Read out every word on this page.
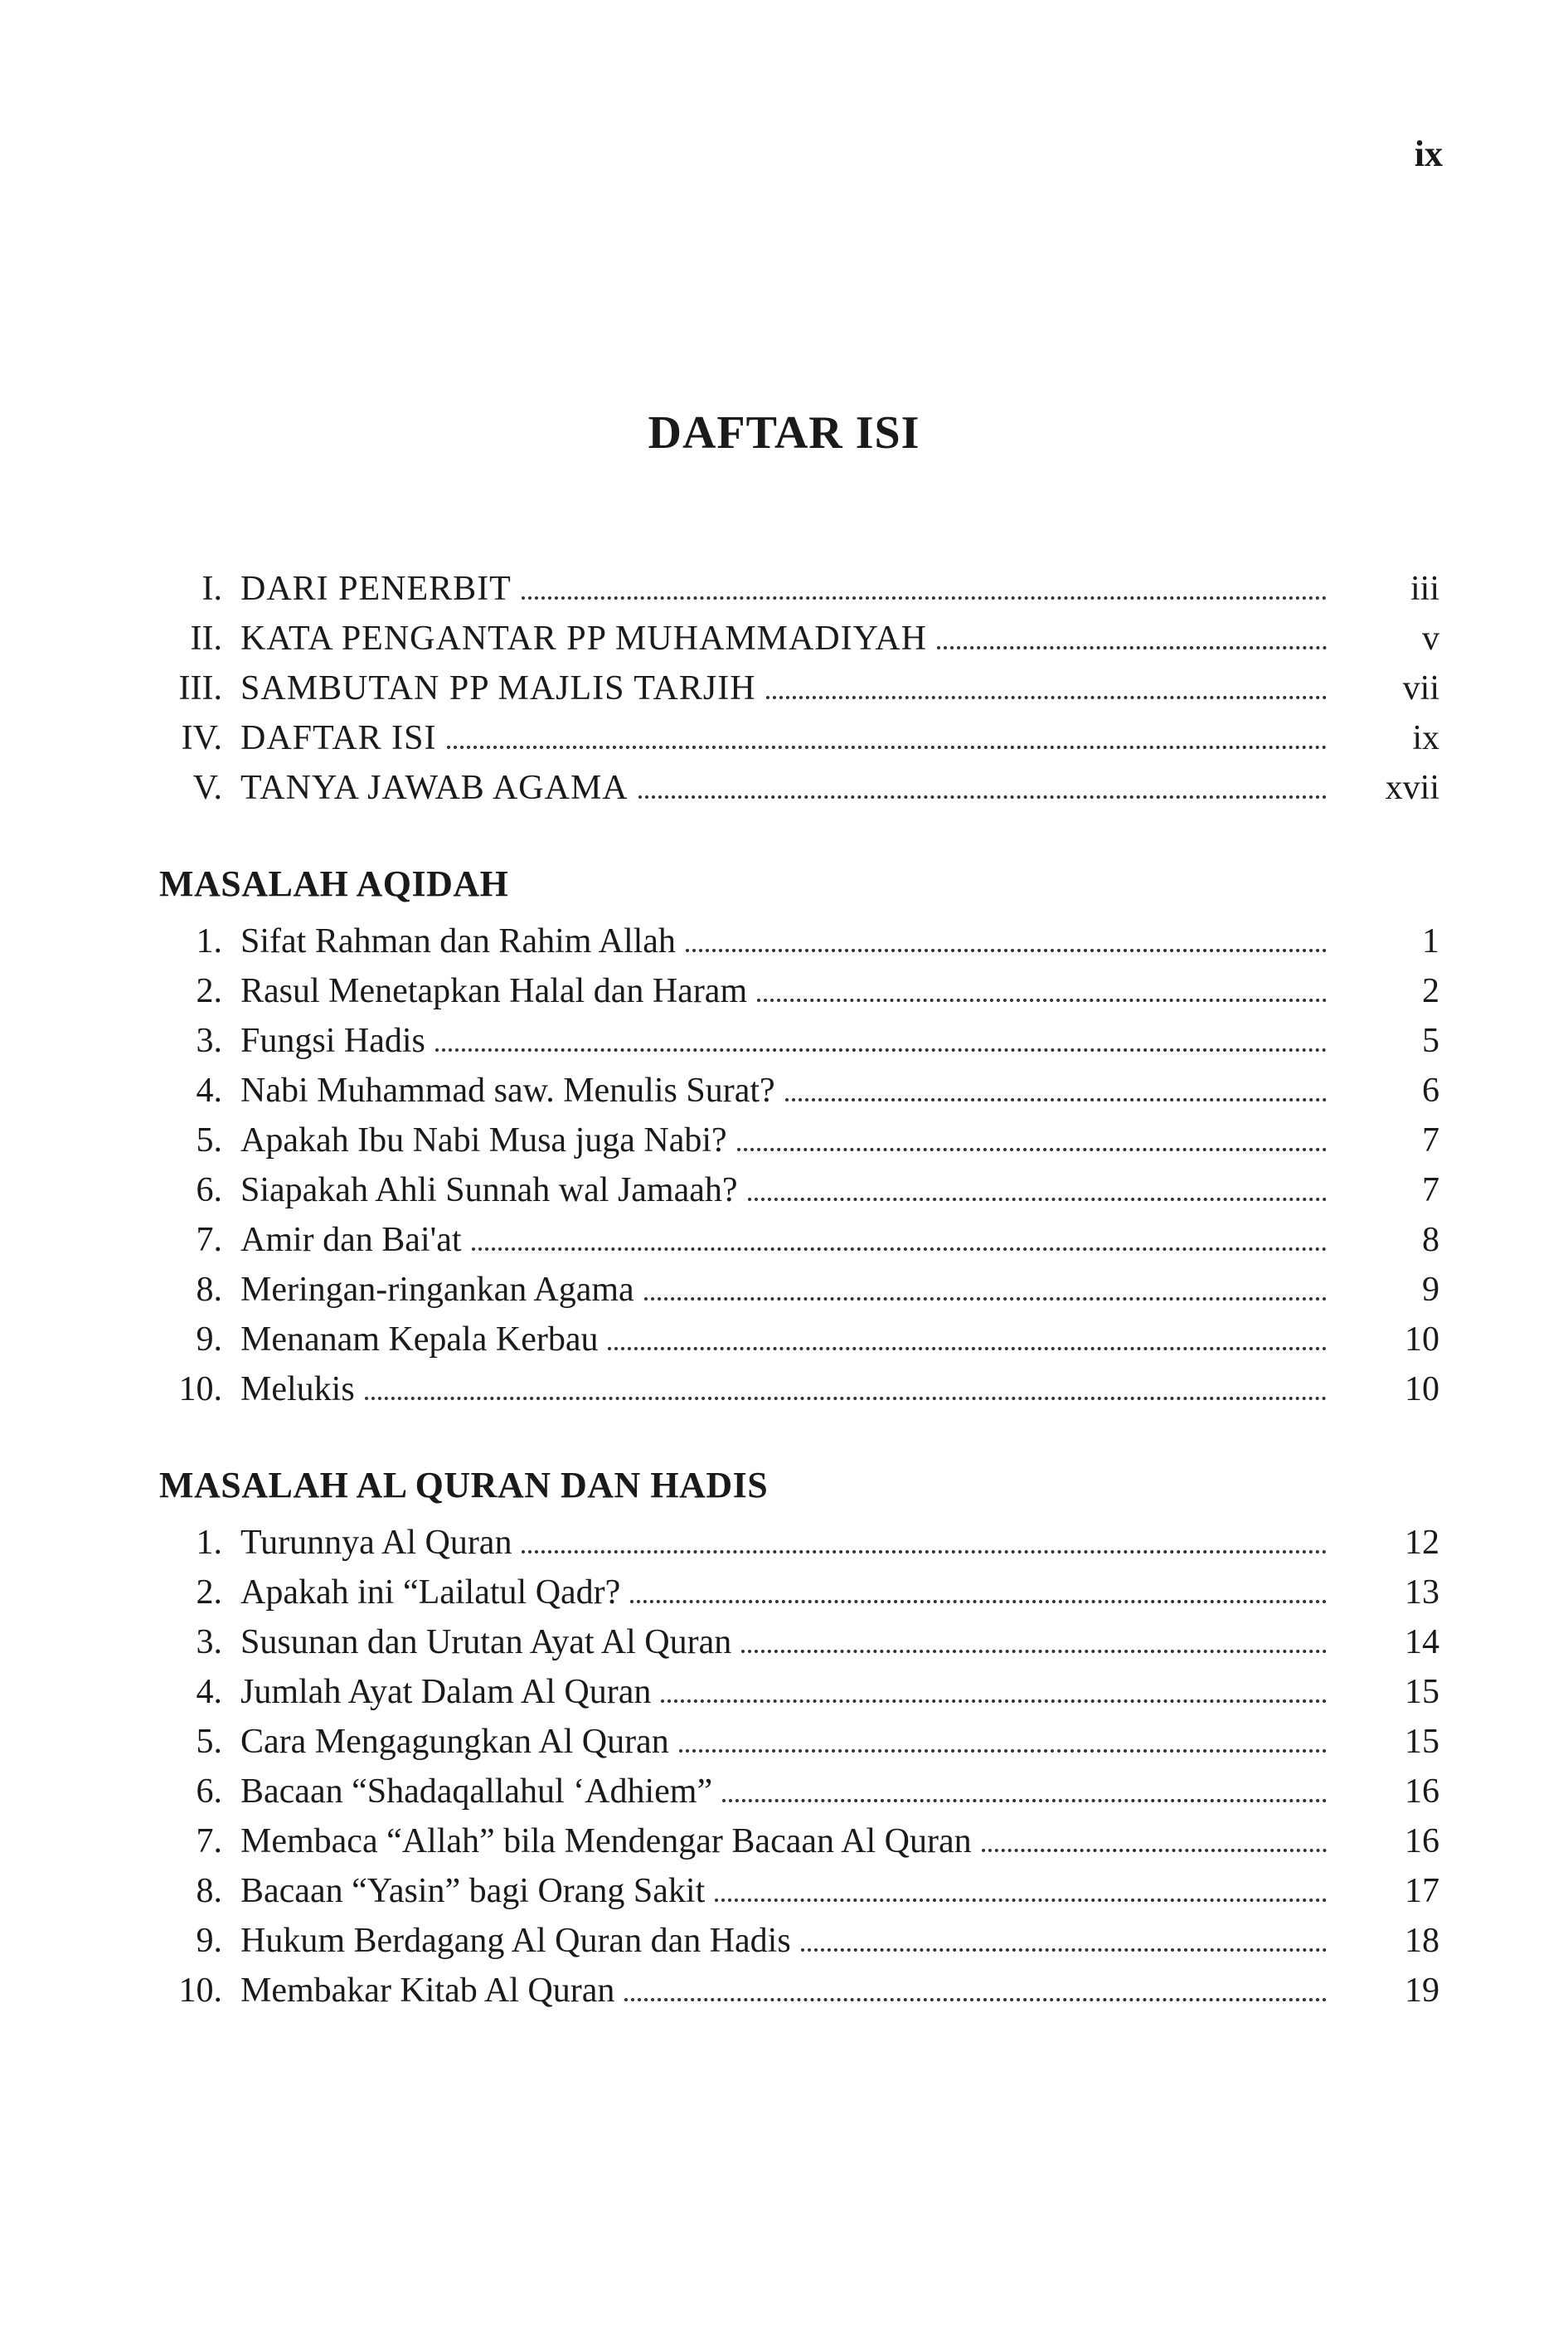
ix
DAFTAR ISI
I. DARI PENERBIT	iii
II. KATA PENGANTAR PP MUHAMMADIYAH	v
III. SAMBUTAN PP MAJLIS TARJIH	vii
IV. DAFTAR ISI	ix
V. TANYA JAWAB AGAMA	xvii
MASALAH AQIDAH
1. Sifat Rahman dan Rahim Allah	1
2. Rasul Menetapkan Halal dan Haram	2
3. Fungsi Hadis	5
4. Nabi Muhammad saw. Menulis Surat?	6
5. Apakah Ibu Nabi Musa juga Nabi?	7
6. Siapakah Ahli Sunnah wal Jamaah?	7
7. Amir dan Bai'at	8
8. Meringan-ringankan Agama	9
9. Menanam Kepala Kerbau	10
10. Melukis	10
MASALAH AL QURAN DAN HADIS
1. Turunnya Al Quran	12
2. Apakah ini “Lailatul Qadr?	13
3. Susunan dan Urutan Ayat Al Quran	14
4. Jumlah Ayat Dalam Al Quran	15
5. Cara Mengagungkan Al Quran	15
6. Bacaan “Shadaqallahul ‘Adhiem”	16
7. Membaca “Allah” bila Mendengar Bacaan Al Quran	16
8. Bacaan “Yasin” bagi Orang Sakit	17
9. Hukum Berdagang Al Quran dan Hadis	18
10. Membakar Kitab Al Quran	19
